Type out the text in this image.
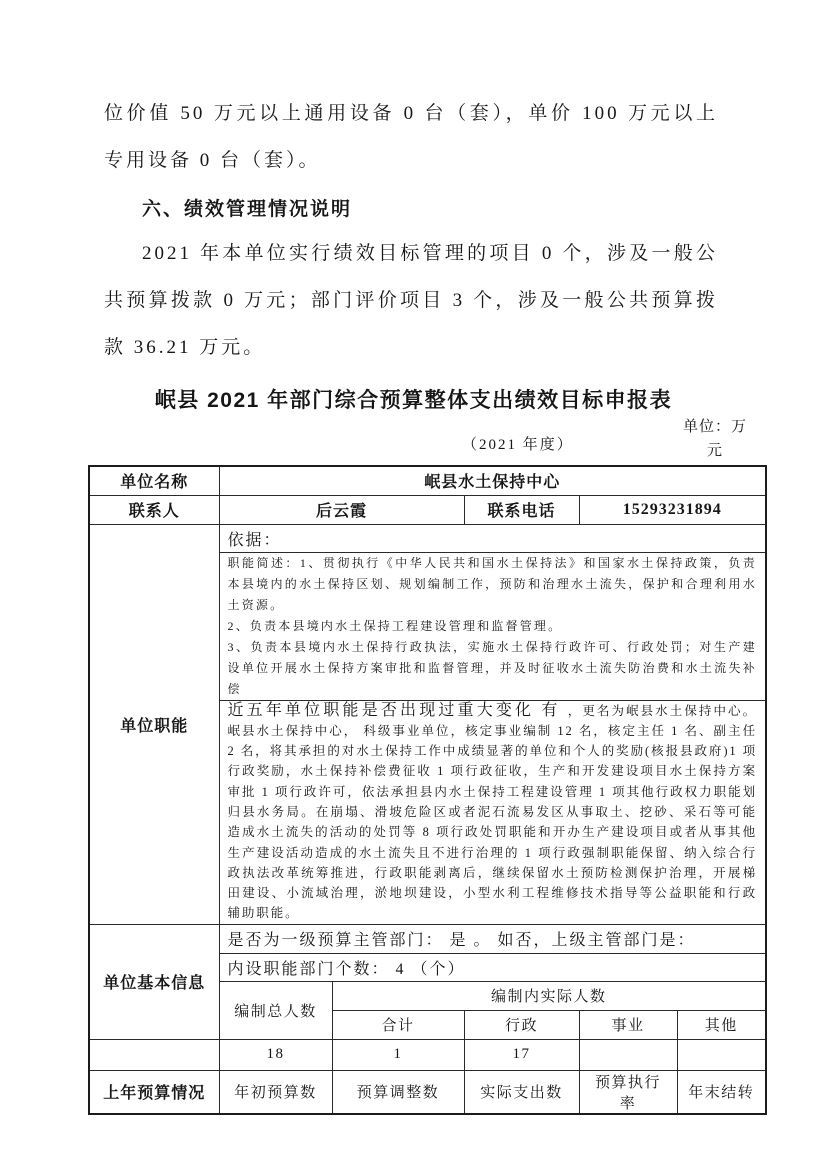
位价值 50 万元以上通用设备 0 台（套），单价 100 万元以上专用设备 0 台（套）。

六、绩效管理情况说明

2021 年本单位实行绩效目标管理的项目 0 个，涉及一般公共预算拨款 0 万元；部门评价项目 3 个，涉及一般公共预算拨款 36.21 万元。

岷县 2021 年部门综合预算整体支出绩效目标申报表
（2021 年度）
单位：万元
单位名称	岷县水土保持中心				
联系人	后云霞		联系电话	15293231894	
单位职能	依据：				

	职能简述：1、贯彻执行《中华人民共和国水土保持法》和国家水土保持政策，负责本县境内的水土保持区划、规划编制工作，预防和治理水土流失，保护和合理利用水土资源。

2、负责本县境内水土保持工程建设管理和监督管理。

3、负责本县境内水土保持行政执法，实施水土保持行政许可、行政处罚；对生产建设单位开展水土保持方案审批和监督管理，并及时征收水土流失防治费和水土流失补偿				

	近五年单位职能是否出现过重大变化 有 ，更名为岷县水土保持中心。岷县水土保持中心， 科级事业单位，核定事业编制 12 名，核定主任 1 名、副主任 2 名，将其承担的对水土保持工作中成绩显著的单位和个人的奖励(核报县政府)1 项行政奖励，水土保持补偿费征收 1 项行政征收，生产和开发建设项目水土保持方案审批 1 项行政许可，依法承担县内水土保持工程建设管理 1 项其他行政权力职能划归县水务局。在崩塌、滑坡危险区或者泥石流易发区从事取土、挖砂、采石等可能造成水土流失的活动的处罚等 8 项行政处罚职能和开办生产建设项目或者从事其他生产建设活动造成的水土流失且不进行治理的 1 项行政强制职能保留、纳入综合行政执法改革统筹推进，行政职能剥离后，继续保留水土预防检测保护治理，开展梯田建设、小流域治理，淤地坝建设，小型水利工程维修技术指导等公益职能和行政辅助职能。				
单位基本信息	是否为一级预算主管部门： 是 。 如否，上级主管部门是：				
	内设职能部门个数： 4 （个）				
	编制总人数	编制内实际人数			
		合计	行政	事业	其他
	18	1	17		
上年预算情况	年初预算数	预算调整数	实际支出数	预算执行率	年末结转
